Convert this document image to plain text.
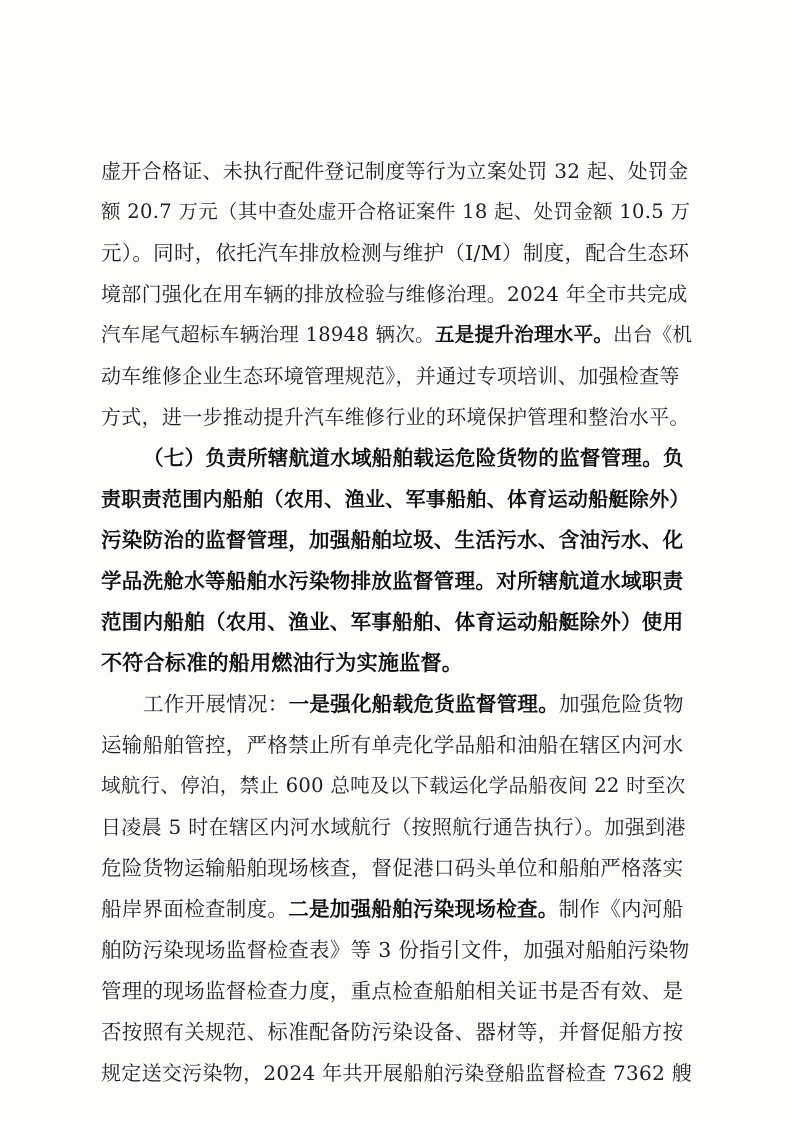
虚开合格证、未执行配件登记制度等行为立案处罚 32 起、处罚金
额 20.7 万元（其中查处虚开合格证案件 18 起、处罚金额 10.5 万
元）。同时，依托汽车排放检测与维护（I/M）制度，配合生态环
境部门强化在用车辆的排放检验与维修治理。2024 年全市共完成
汽车尾气超标车辆治理 18948 辆次。五是提升治理水平。出台《机
动车维修企业生态环境管理规范》，并通过专项培训、加强检查等
方式，进一步推动提升汽车维修行业的环境保护管理和整治水平。
（七）负责所辖航道水域船舶载运危险货物的监督管理。负
责职责范围内船舶（农用、渔业、军事船舶、体育运动船艇除外）
污染防治的监督管理，加强船舶垃圾、生活污水、含油污水、化
学品洗舱水等船舶水污染物排放监督管理。对所辖航道水域职责
范围内船舶（农用、渔业、军事船舶、体育运动船艇除外）使用
不符合标准的船用燃油行为实施监督。
工作开展情况：一是强化船载危货监督管理。加强危险货物
运输船舶管控，严格禁止所有单壳化学品船和油船在辖区内河水
域航行、停泊，禁止 600 总吨及以下载运化学品船夜间 22 时至次
日凌晨 5 时在辖区内河水域航行（按照航行通告执行）。加强到港
危险货物运输船舶现场核查，督促港口码头单位和船舶严格落实
船岸界面检查制度。二是加强船舶污染现场检查。制作《内河船
舶防污染现场监督检查表》等 3 份指引文件，加强对船舶污染物
管理的现场监督检查力度，重点检查船舶相关证书是否有效、是
否按照有关规范、标准配备防污染设备、器材等，并督促船方按
规定送交污染物，2024 年共开展船舶污染登船监督检查 7362 艘
